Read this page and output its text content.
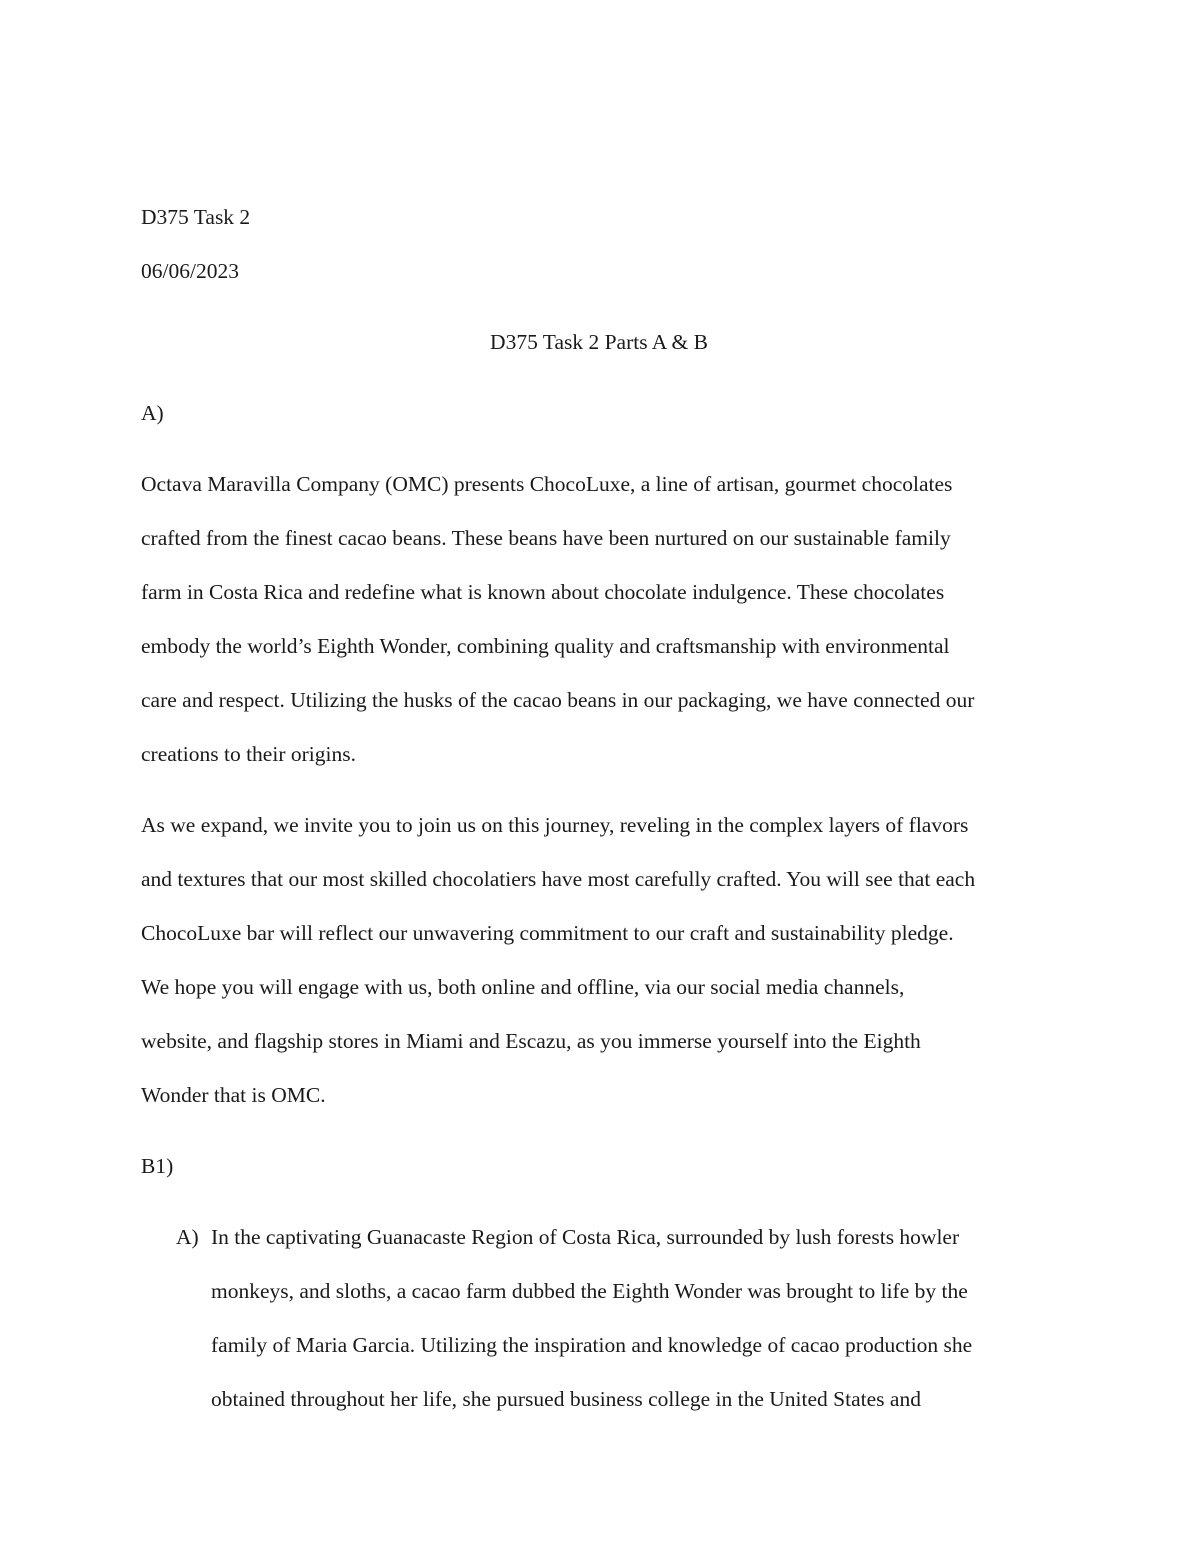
D375 Task 2
06/06/2023
D375 Task 2 Parts A & B
A)
Octava Maravilla Company (OMC) presents ChocoLuxe, a line of artisan, gourmet chocolates
crafted from the finest cacao beans. These beans have been nurtured on our sustainable family
farm in Costa Rica and redefine what is known about chocolate indulgence. These chocolates
embody the world’s Eighth Wonder, combining quality and craftsmanship with environmental
care and respect. Utilizing the husks of the cacao beans in our packaging, we have connected our
creations to their origins.
As we expand, we invite you to join us on this journey, reveling in the complex layers of flavors
and textures that our most skilled chocolatiers have most carefully crafted. You will see that each
ChocoLuxe bar will reflect our unwavering commitment to our craft and sustainability pledge.
We hope you will engage with us, both online and offline, via our social media channels,
website, and flagship stores in Miami and Escazu, as you immerse yourself into the Eighth
Wonder that is OMC.
B1)
A) In the captivating Guanacaste Region of Costa Rica, surrounded by lush forests howler
monkeys, and sloths, a cacao farm dubbed the Eighth Wonder was brought to life by the
family of Maria Garcia. Utilizing the inspiration and knowledge of cacao production she
obtained throughout her life, she pursued business college in the United States and
